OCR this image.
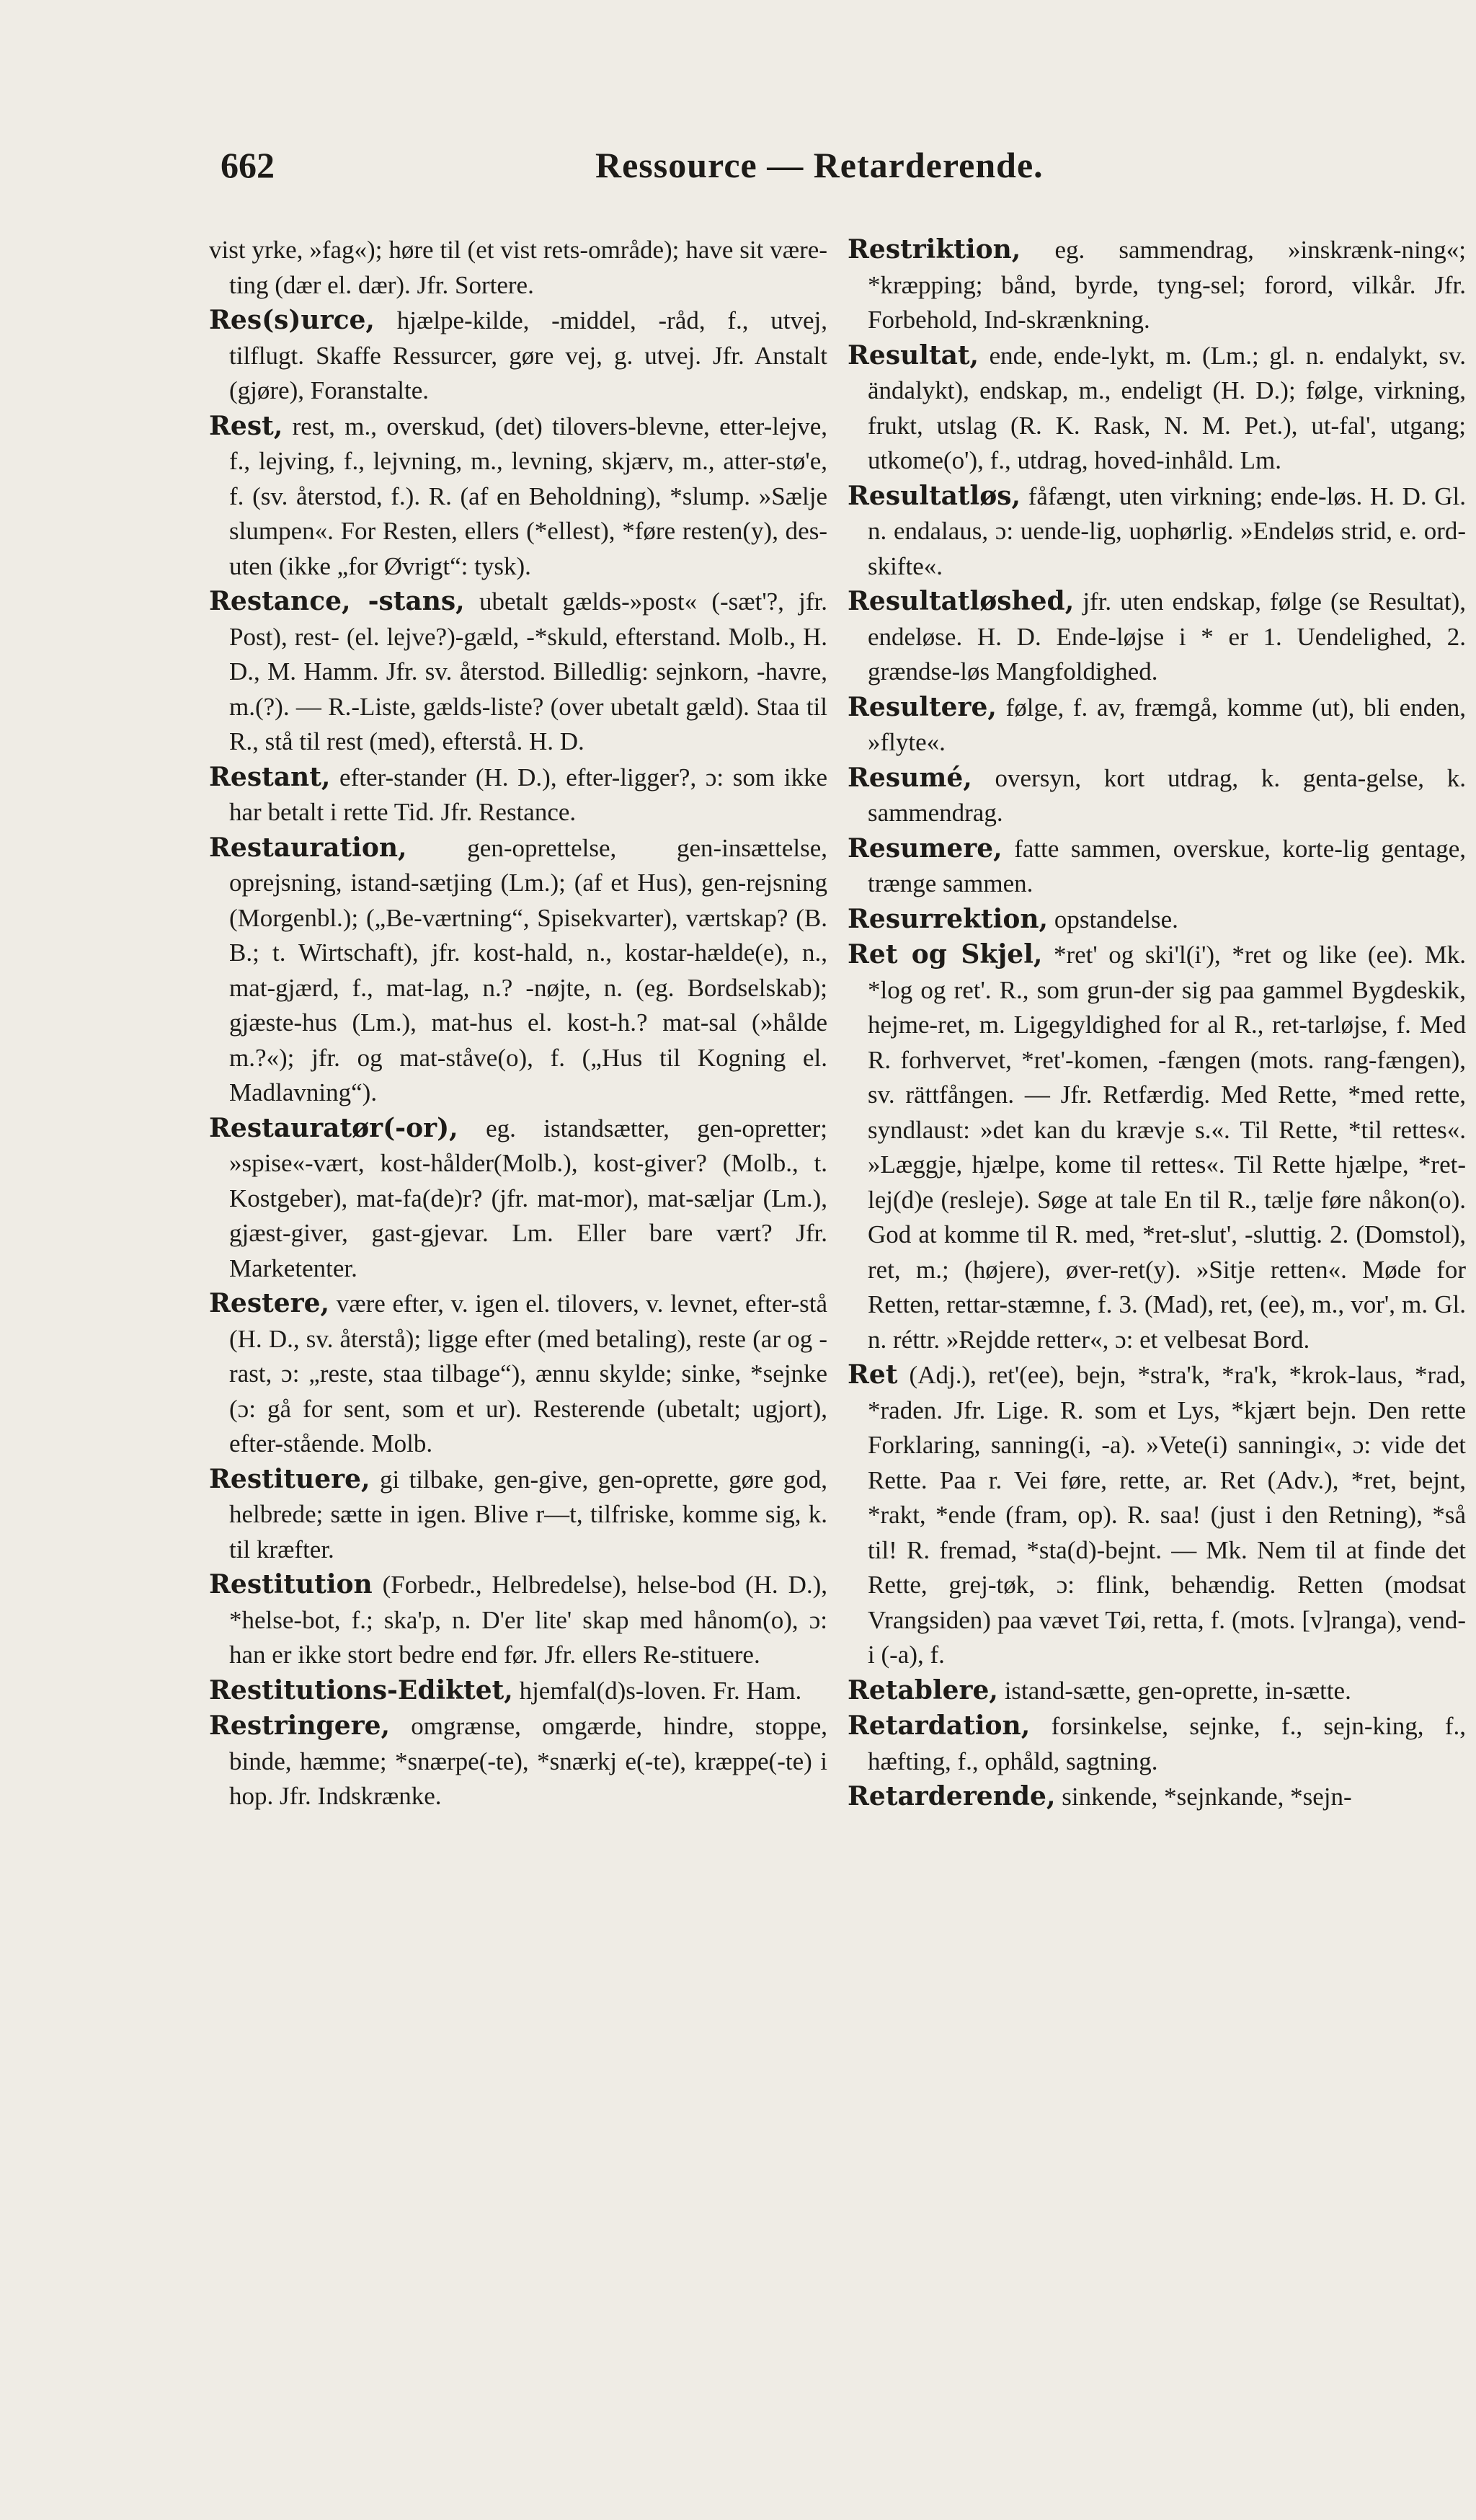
662	Ressource — Retarderende.

vist yrke, »fag«); høre til (et vist rets-område); have sit være-ting (dær el. dær). Jfr. Sortere.

Res(s)urce, hjælpe-kilde, -middel, -råd, f., utvej, tilflugt. Skaffe Ressurcer, gøre vej, g. utvej. Jfr. Anstalt (gjøre), Foranstalte.

Rest, rest, m., overskud, (det) tilovers-blevne, etter-lejve, f., lejving, f., lejvning, m., levning, skjærv, m., atter-stø'e, f. (sv. återstod, f.). R. (af en Beholdning), *slump. »Sælje slumpen«. For Resten, ellers (*ellest), *føre resten(y), des-uten (ikke „for Øvrigt“: tysk).

Restance, -stans, ubetalt gælds-»post« (-sæt'?, jfr. Post), rest- (el. lejve?)-gæld, -*skuld, efterstand. Molb., H. D., M. Hamm. Jfr. sv. återstod. Billedlig: sejnkorn, -havre, m.(?). — R.-Liste, gælds-liste? (over ubetalt gæld). Staa til R., stå til rest (med), efterstå. H. D.

Restant, efter-stander (H. D.), efter-ligger?, ɔ: som ikke har betalt i rette Tid. Jfr. Restance.

Restauration, gen-oprettelse, gen-insættelse, oprejsning, istand-sætjing (Lm.); (af et Hus), gen-rejsning (Morgenbl.); („Be-værtning“, Spisekvarter), værtskap? (B. B.; t. Wirtschaft), jfr. kost-hald, n., kostar-hælde(e), n., mat-gjærd, f., mat-lag, n.? -nøjte, n. (eg. Bordselskab); gjæste-hus (Lm.), mat-hus el. kost-h.? mat-sal (»hålde m.?«); jfr. og mat-ståve(o), f. („Hus til Kogning el. Madlavning“).

Restauratør(-or), eg. istandsætter, gen-opretter; »spise«-vært, kost-hålder(Molb.), kost-giver? (Molb., t. Kostgeber), mat-fa(de)r? (jfr. mat-mor), mat-sæljar (Lm.), gjæst-giver, gast-gjevar. Lm. Eller bare vært? Jfr. Marketenter.

Restere, være efter, v. igen el. tilovers, v. levnet, efter-stå (H. D., sv. återstå); ligge efter (med betaling), reste (ar og -rast, ɔ: „reste, staa tilbage“), ænnu skylde; sinke, *sejnke (ɔ: gå for sent, som et ur). Resterende (ubetalt; ugjort), efter-stående. Molb.

Restituere, gi tilbake, gen-give, gen-oprette, gøre god, helbrede; sætte in igen. Blive r—t, tilfriske, komme sig, k. til kræfter.

Restitution (Forbedr., Helbredelse), helse-bod (H. D.), *helse-bot, f.; ska'p, n. D'er lite' skap med hånom(o), ɔ: han er ikke stort bedre end før. Jfr. ellers Re-stituere.

Restitutions-Ediktet, hjemfal(d)s-loven. Fr. Ham.

Restringere, omgrænse, omgærde, hindre, stoppe, binde, hæmme; *snærpe(-te), *snærkj e(-te), kræppe(-te) i hop. Jfr. Indskrænke.

Restriktion, eg. sammendrag, »inskrænk-ning«; *kræpping; bånd, byrde, tyng-sel; forord, vilkår. Jfr. Forbehold, Ind-skrænkning.

Resultat, ende, ende-lykt, m. (Lm.; gl. n. endalykt, sv. ändalykt), endskap, m., endeligt (H. D.); følge, virkning, frukt, utslag (R. K. Rask, N. M. Pet.), ut-fal', utgang; utkome(o'), f., utdrag, hoved-inhåld. Lm.

Resultatløs, fåfængt, uten virkning; ende-løs. H. D. Gl. n. endalaus, ɔ: uende-lig, uophørlig. »Endeløs strid, e. ord-skifte«.

Resultatløshed, jfr. uten endskap, følge (se Resultat), endeløse. H. D. Ende-løjse i * er 1. Uendelighed, 2. grændse-løs Mangfoldighed.

Resultere, følge, f. av, fræmgå, komme (ut), bli enden, »flyte«.

Resumé, oversyn, kort utdrag, k. genta-gelse, k. sammendrag.

Resumere, fatte sammen, overskue, korte-lig gentage, trænge sammen.

Resurrektion, opstandelse.

Ret og Skjel, *ret' og ski'l(i'), *ret og like (ee). Mk. *log og ret'. R., som grun-der sig paa gammel Bygdeskik, hejme-ret, m. Ligegyldighed for al R., ret-tarløjse, f. Med R. forhvervet, *ret'-komen, -fængen (mots. rang-fængen), sv. rättfången. — Jfr. Retfærdig. Med Rette, *med rette, syndlaust: »det kan du krævje s.«. Til Rette, *til rettes«. »Læggje, hjælpe, kome til rettes«. Til Rette hjælpe, *ret-lej(d)e (resleje). Søge at tale En til R., tælje føre nåkon(o). God at komme til R. med, *ret-slut', -sluttig. 2. (Domstol), ret, m.; (højere), øver-ret(y). »Sitje retten«. Møde for Retten, rettar-stæmne, f. 3. (Mad), ret, (ee), m., vor', m. Gl. n. réttr. »Rejdde retter«, ɔ: et velbesat Bord.

Ret (Adj.), ret'(ee), bejn, *stra'k, *ra'k, *krok-laus, *rad, *raden. Jfr. Lige. R. som et Lys, *kjært bejn. Den rette Forklaring, sanning(i, -a). »Vete(i) sanningi«, ɔ: vide det Rette. Paa r. Vei føre, rette, ar. Ret (Adv.), *ret, bejnt, *rakt, *ende (fram, op). R. saa! (just i den Retning), *så til! R. fremad, *sta(d)-bejnt. — Mk. Nem til at finde det Rette, grej-tøk, ɔ: flink, behændig. Retten (modsat Vrangsiden) paa vævet Tøi, retta, f. (mots. [v]ranga), vend-i (-a), f.

Retablere, istand-sætte, gen-oprette, in-sætte.

Retardation, forsinkelse, sejnke, f., sejn-king, f., hæfting, f., ophåld, sagtning.

Retarderende, sinkende, *sejnkande, *sejn-
